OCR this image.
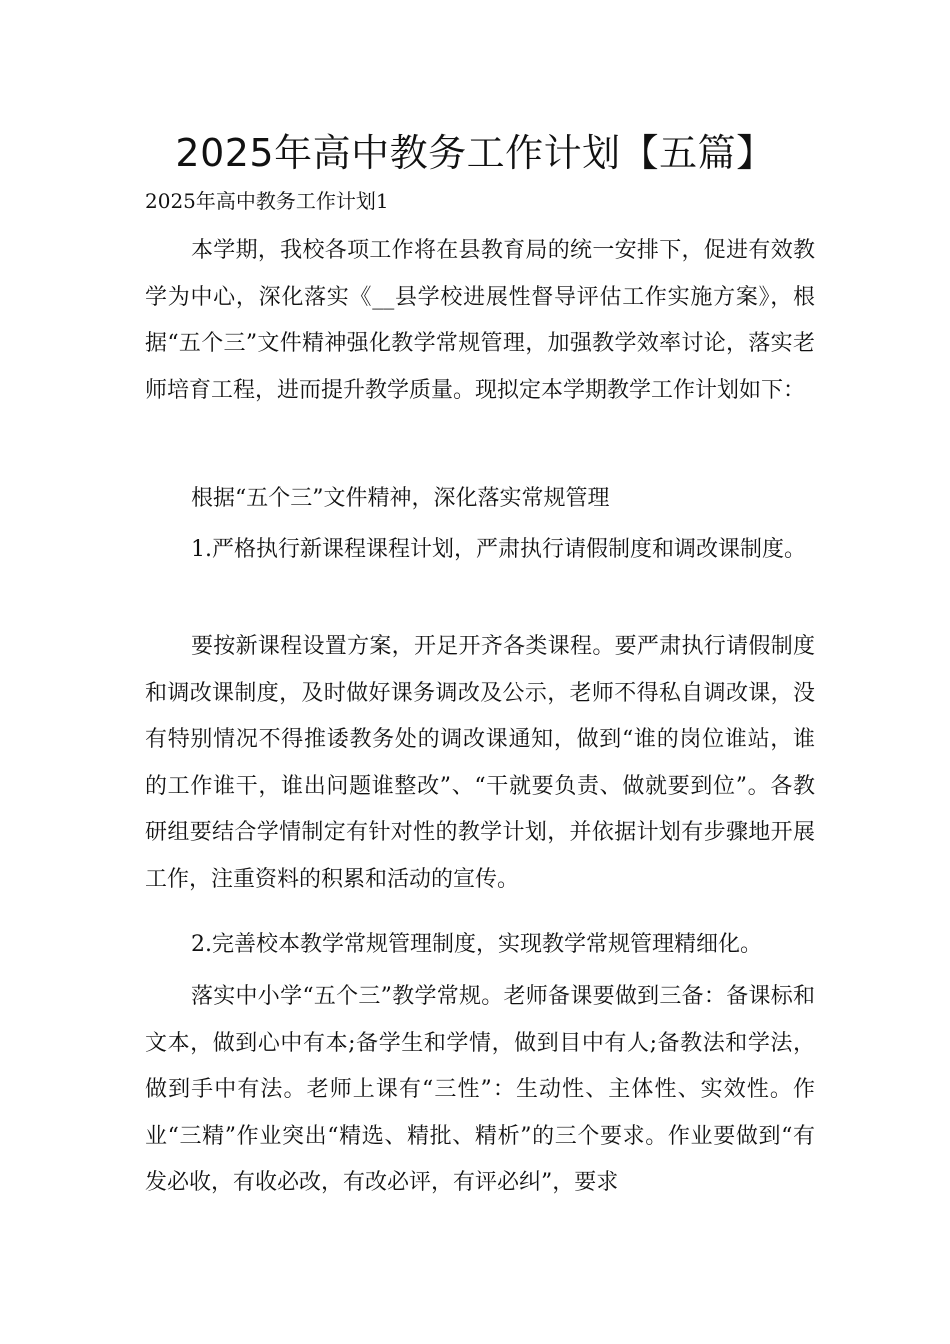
2025年高中教务工作计划【五篇】
2025年高中教务工作计划1

本学期，我校各项工作将在县教育局的统一安排下，促进有效教学为中心，深化落实《__县学校进展性督导评估工作实施方案》，根据“五个三”文件精神强化教学常规管理，加强教学效率讨论，落实老师培育工程，进而提升教学质量。现拟定本学期教学工作计划如下：

根据“五个三”文件精神，深化落实常规管理
1.严格执行新课程课程计划，严肃执行请假制度和调改课制度。

要按新课程设置方案，开足开齐各类课程。要严肃执行请假制度和调改课制度，及时做好课务调改及公示，老师不得私自调改课，没有特别情况不得推诿教务处的调改课通知，做到“谁的岗位谁站，谁的工作谁干，谁出问题谁整改”、“干就要负责、做就要到位”。各教研组要结合学情制定有针对性的教学计划，并依据计划有步骤地开展工作，注重资料的积累和活动的宣传。

2.完善校本教学常规管理制度，实现教学常规管理精细化。

落实中小学“五个三”教学常规。老师备课要做到三备：备课标和文本，做到心中有本;备学生和学情，做到目中有人;备教法和学法，做到手中有法。老师上课有“三性”：生动性、主体性、实效性。作业“三精”作业突出“精选、精批、精析”的三个要求。作业要做到“有发必收，有收必改，有改必评，有评必纠”，要求
